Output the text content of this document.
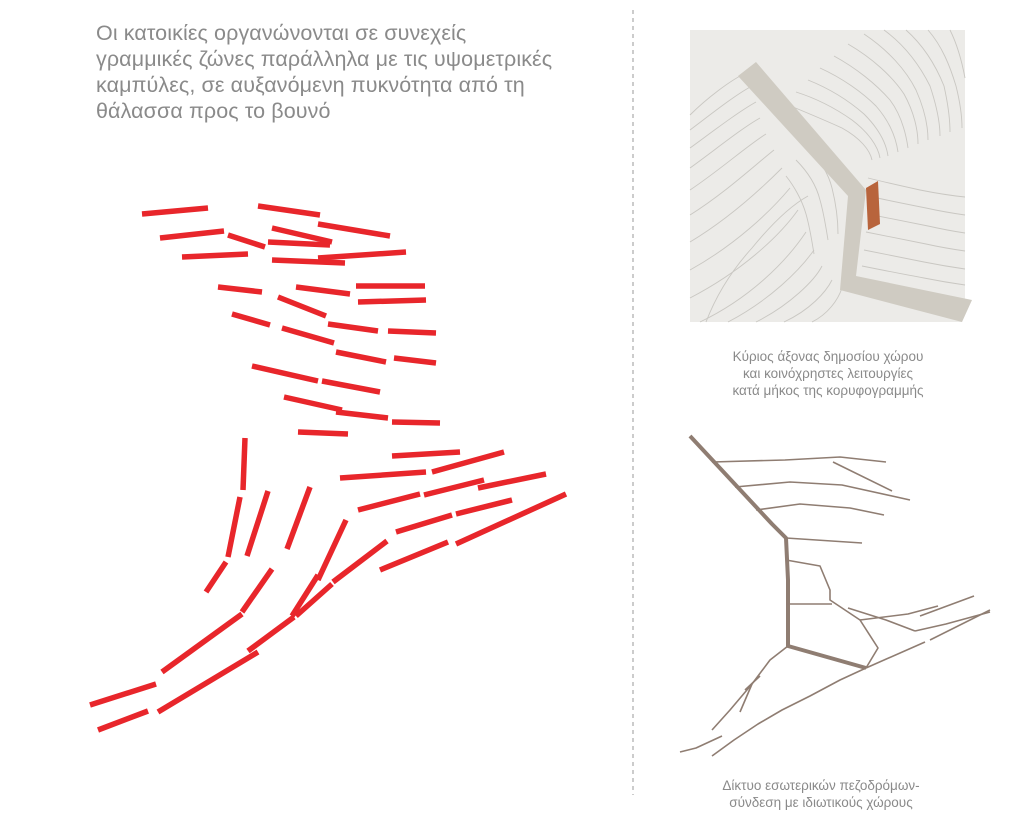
Οι κατοικίες οργανώνονται σε συνεχείς
γραμμικές ζώνες παράλληλα με τις υψομετρικές
καμπύλες, σε αυξανόμενη πυκνότητα από τη
θάλασσα προς το βουνό
Κύριος άξονας δημοσίου χώρου
και κοινόχρηστες λειτουργίες
κατά μήκος της κορυφογραμμής
Δίκτυο εσωτερικών πεζοδρόμων-
σύνδεση με ιδιωτικούς χώρους
